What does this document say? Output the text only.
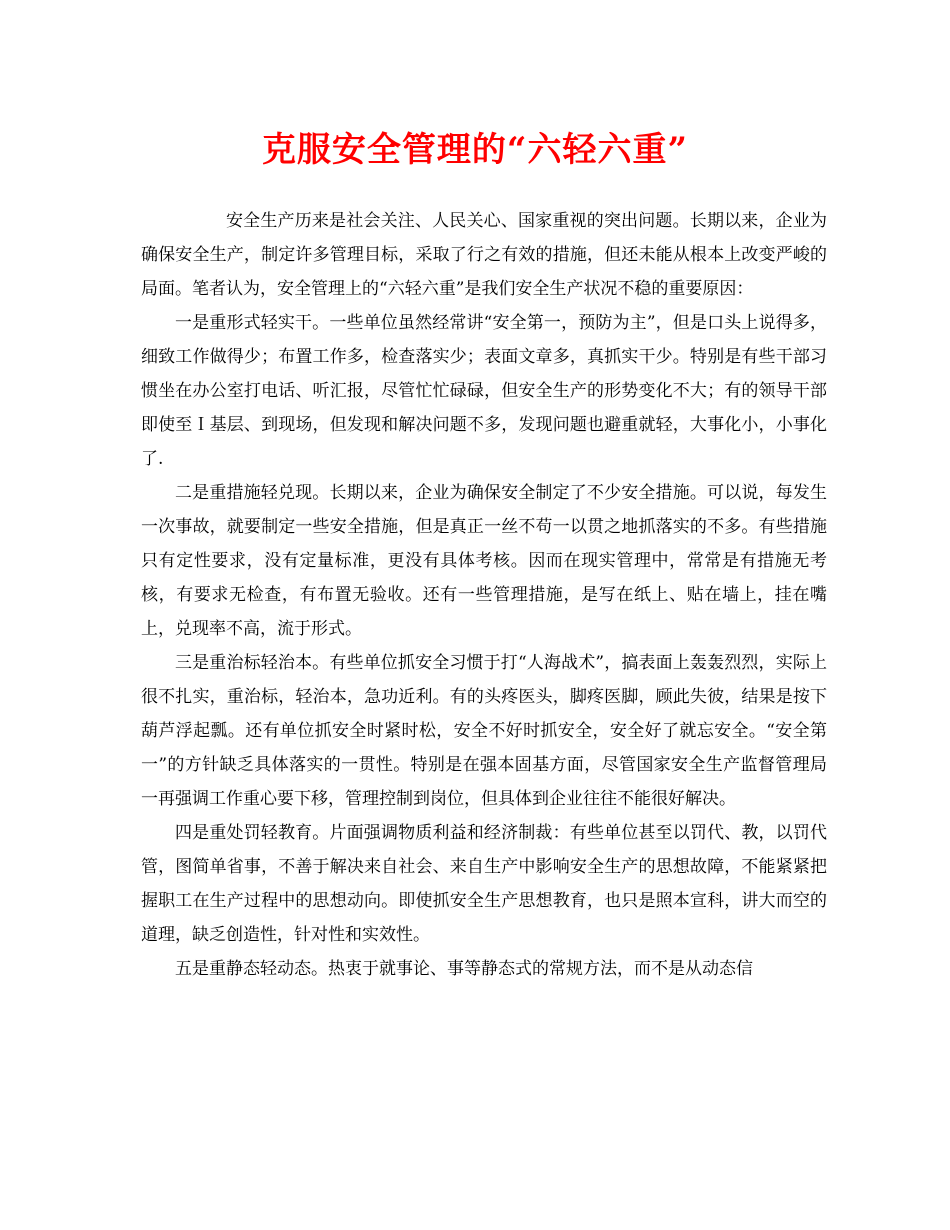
克服安全管理的“六轻六重”

安全生产历来是社会关注、人民关心、国家重视的突出问题。长期以来，企业为确保安全生产，制定许多管理目标，采取了行之有效的措施，但还未能从根本上改变严峻的局面。笔者认为，安全管理上的“六轻六重”是我们安全生产状况不稳的重要原因：

一是重形式轻实干。一些单位虽然经常讲“安全第一，预防为主”，但是口头上说得多，细致工作做得少；布置工作多，检查落实少；表面文章多，真抓实干少。特别是有些干部习惯坐在办公室打电话、听汇报，尽管忙忙碌碌，但安全生产的形势变化不大；有的领导干部即使至Ｉ基层、到现场，但发现和解决问题不多，发现问题也避重就轻，大事化小，小事化了.

二是重措施轻兑现。长期以来，企业为确保安全制定了不少安全措施。可以说，每发生一次事故，就要制定一些安全措施，但是真正一丝不苟一以贯之地抓落实的不多。有些措施只有定性要求，没有定量标准，更没有具体考核。因而在现实管理中，常常是有措施无考核，有要求无检查，有布置无验收。还有一些管理措施，是写在纸上、贴在墙上，挂在嘴上，兑现率不高，流于形式。

三是重治标轻治本。有些单位抓安全习惯于打“人海战术”，搞表面上轰轰烈烈，实际上很不扎实，重治标，轻治本，急功近利。有的头疼医头，脚疼医脚，顾此失彼，结果是按下葫芦浮起瓢。还有单位抓安全时紧时松，安全不好时抓安全，安全好了就忘安全。“安全第一”的方针缺乏具体落实的一贯性。特别是在强本固基方面，尽管国家安全生产监督管理局一再强调工作重心要下移，管理控制到岗位，但具体到企业往往不能很好解决。

四是重处罚轻教育。片面强调物质利益和经济制裁：有些单位甚至以罚代、教，以罚代管，图简单省事，不善于解决来自社会、来自生产中影响安全生产的思想故障，不能紧紧把握职工在生产过程中的思想动向。即使抓安全生产思想教育，也只是照本宣科，讲大而空的道理，缺乏创造性，针对性和实效性。

五是重静态轻动态。热衷于就事论、事等静态式的常规方法，而不是从动态信
